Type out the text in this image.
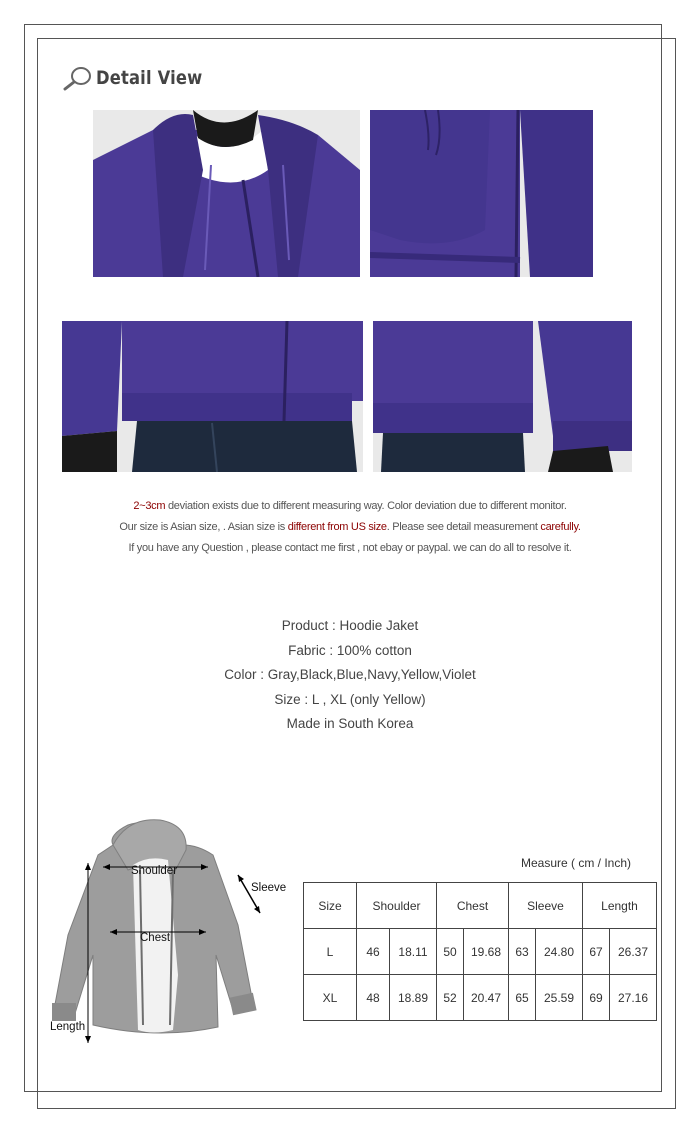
Detail View
2~3cm deviation exists due to different measuring way. Color deviation due to different monitor.
Our size is Asian size, . Asian size is different from US size. Please see detail measurement carefully.
If you have any Question , please contact me first , not ebay or paypal. we can do all to resolve it.
Product : Hoodie Jaket
Fabric : 100% cotton
Color : Gray,Black,Blue,Navy,Yellow,Violet
Size : L , XL (only Yellow)
Made in South Korea
Shoulder
Sleeve
Chest
Length
Measure ( cm / Inch)
Size	Shoulder		Chest		Sleeve		Length	
L	46	18.11	50	19.68	63	24.80	67	26.37
XL	48	18.89	52	20.47	65	25.59	69	27.16
